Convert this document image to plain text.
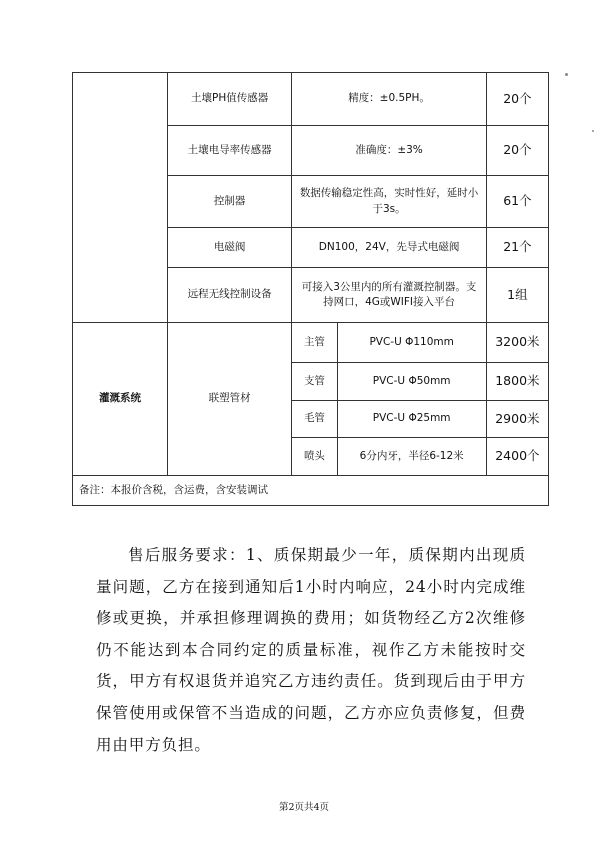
	土壤PH值传感器	精度：±0.5PH。		20个
	土壤电导率传感器	准确度：±3%		20个
	控制器	数据传输稳定性高，实时性好，延时小于3s。		61个
	电磁阀	DN100，24V，先导式电磁阀		21个
	远程无线控制设备	可接入3公里内的所有灌溉控制器。支持网口，4G或WIFI接入平台		1组
灌溉系统	联塑管材	主管	PVC-U Φ110mm	3200米
		支管	PVC-U Φ50mm	1800米
		毛管	PVC-U Φ25mm	2900米
		喷头	6分内牙，半径6-12米	2400个
备注：本报价含税，含运费，含安装调试				

售后服务要求：1、质保期最少一年，质保期内出现质量问题，乙方在接到通知后1小时内响应，24小时内完成维修或更换，并承担修理调换的费用；如货物经乙方2次维修仍不能达到本合同约定的质量标准，视作乙方未能按时交货，甲方有权退货并追究乙方违约责任。货到现后由于甲方保管使用或保管不当造成的问题，乙方亦应负责修复，但费用由甲方负担。

第2页共4页
